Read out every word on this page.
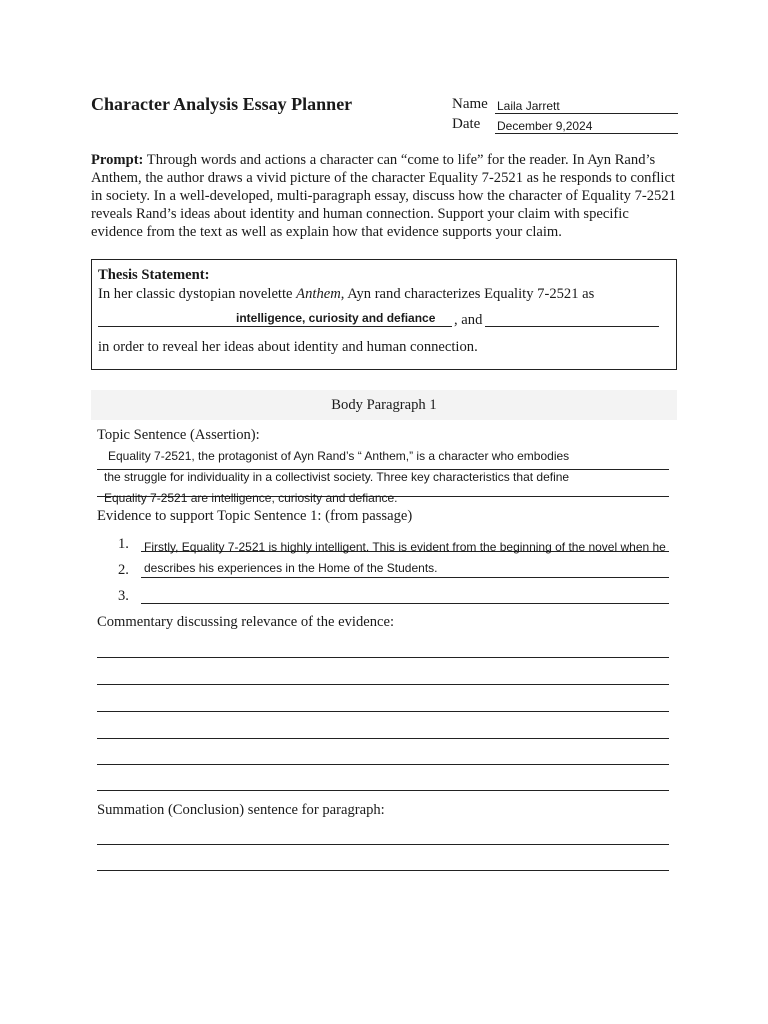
Character Analysis Essay Planner	Name Laila Jarrett
Date December 9,2024
Prompt: Through words and actions a character can “come to life” for the reader. In Ayn Rand’s Anthem, the author draws a vivid picture of the character Equality 7-2521 as he responds to conflict in society. In a well-developed, multi-paragraph essay, discuss how the character of Equality 7-2521 reveals Rand’s ideas about identity and human connection. Support your claim with specific evidence from the text as well as explain how that evidence supports your claim.
Thesis Statement:
In her classic dystopian novelette Anthem, Ayn rand characterizes Equality 7-2521 as
intelligence, curiosity and defiance , and
in order to reveal her ideas about identity and human connection.
Body Paragraph 1
Topic Sentence (Assertion):
Equality 7-2521, the protagonist of Ayn Rand’s “ Anthem,” is a character who embodies
the struggle for individuality in a collectivist society. Three key characteristics that define
Equality 7-2521 are intelligence, curiosity and defiance.
Evidence to support Topic Sentence 1: (from passage)
1.
2.
3.
Firstly, Equality 7-2521 is highly intelligent. This is evident from the beginning of the novel when he
describes his experiences in the Home of the Students.
Commentary discussing relevance of the evidence:
Summation (Conclusion) sentence for paragraph:
